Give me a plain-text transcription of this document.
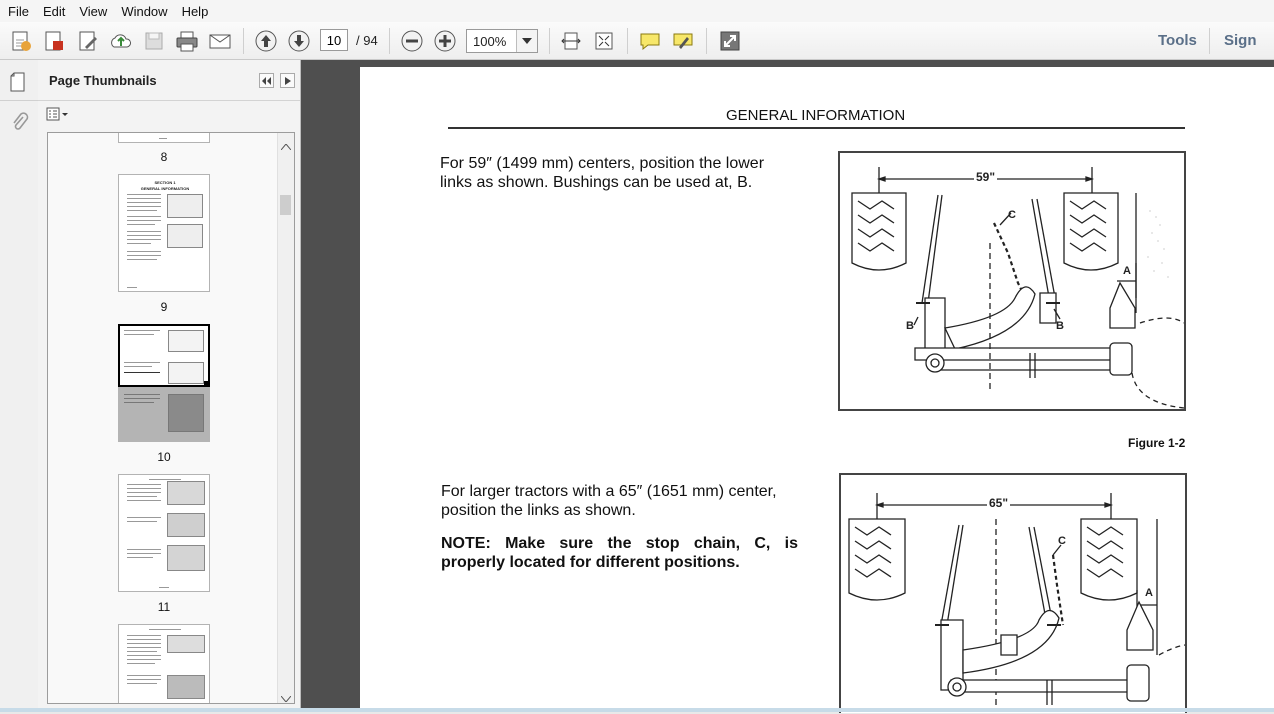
File	Edit	View	Window	Help
10
/ 94	100%	Tools Sign
Page Thumbnails
8
SECTION 1
GENERAL INFORMATION
9
10
11
GENERAL INFORMATION
For 59″ (1499 mm) centers, position the lower
links as shown. Bushings can be used at, B.	59"
C
A
B	B
Figure 1-2
For larger tractors with a 65″ (1651 mm) center,
position the links as shown.
NOTE: Make sure the stop chain, C, is
properly located for different positions.
65"
C
A
